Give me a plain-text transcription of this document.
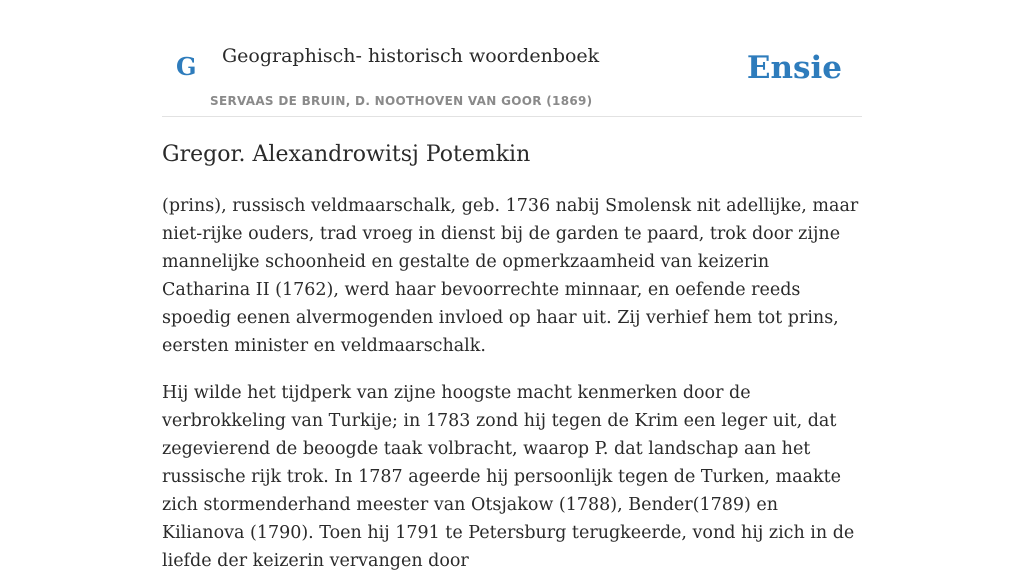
G Geographisch- historisch woordenboek
SERVAAS DE BRUIN, D. NOOTHOVEN VAN GOOR (1869)
Ensie
Gregor. Alexandrowitsj Potemkin

(prins), russisch veldmaarschalk, geb. 1736 nabij Smolensk nit adellijke, maar niet-rijke ouders, trad vroeg in dienst bij de garden te paard, trok door zijne mannelijke schoonheid en gestalte de opmerkzaamheid van keizerin Catharina II (1762), werd haar bevoorrechte minnaar, en oefende reeds spoedig eenen alvermogenden invloed op haar uit. Zij verhief hem tot prins, eersten minister en veldmaarschalk.

Hij wilde het tijdperk van zijne hoogste macht kenmerken door de verbrokkeling van Turkije; in 1783 zond hij tegen de Krim een leger uit, dat zegevierend de beoogde taak volbracht, waarop P. dat landschap aan het russische rijk trok. In 1787 ageerde hij persoonlijk tegen de Turken, maakte zich stormenderhand meester van Otsjakow (1788), Bender(1789) en Kilianova (1790). Toen hij 1791 te Petersburg terugkeerde, vond hij zich in de liefde der keizerin vervangen door
